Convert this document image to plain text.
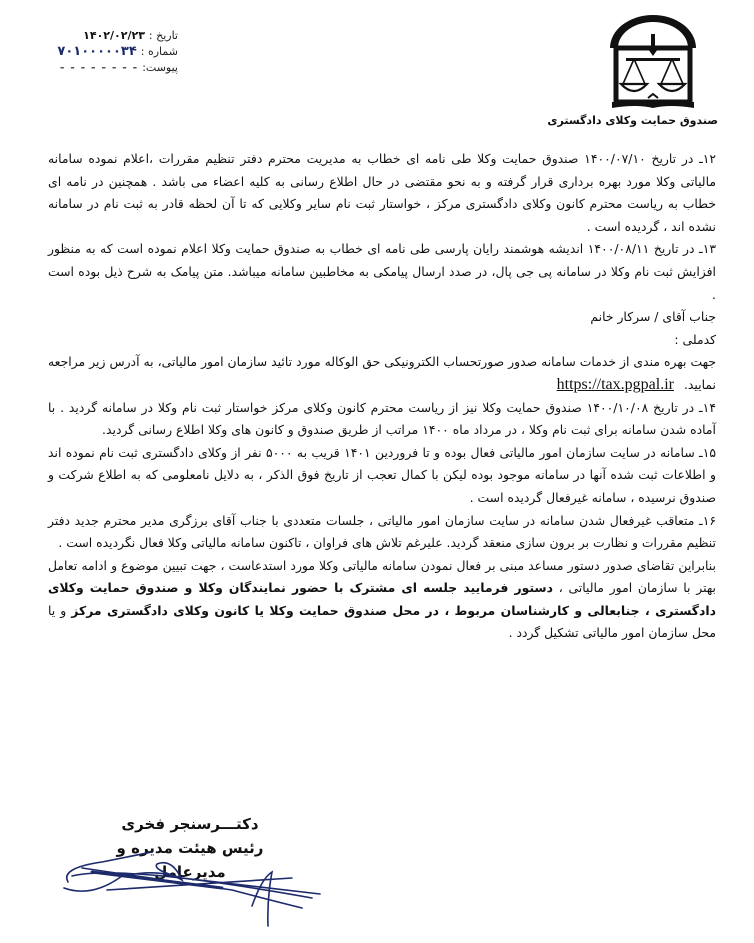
تاریخ :
۱۴۰۲/۰۲/۲۳
شماره :
۷۰۱۰۰۰۰۰۳۴
پیوست:
- - - - - - - -
صندوق حمایت وکلای دادگستری

۱۲ـ در تاریخ ۱۴۰۰/۰۷/۱۰ صندوق حمایت وکلا طی نامه ای خطاب به مدیریت محترم دفتر تنظیم مقررات ،اعلام نموده سامانه مالیاتی وکلا مورد بهره برداری قرار گرفته و به نحو مقتضی در حال اطلاع رسانی به کلیه اعضاء می باشد . همچنین در نامه ای خطاب به ریاست محترم کانون وکلای دادگستری مرکز ، خواستار ثبت نام سایر وکلایی که تا آن لحظه قادر به ثبت نام در سامانه نشده اند ، گردیده است .

۱۳ـ در تاریخ ۱۴۰۰/۰۸/۱۱ اندیشه هوشمند رایان پارسی طی نامه ای خطاب به صندوق حمایت وکلا اعلام نموده است که به منظور افزایش ثبت نام وکلا در سامانه پی جی پال، در صدد ارسال پیامکی به مخاطبین سامانه میباشد. متن پیامک به شرح ذیل بوده است .

جناب آقای / سرکار خانم
کدملی :

جهت بهره مندی از خدمات سامانه صدور صورتحساب الکترونیکی حق الوکاله مورد تائید سازمان امور مالیاتی، به آدرس زیر مراجعه نمایید.https://tax.pgpal.ir

۱۴ـ در تاریخ ۱۴۰۰/۱۰/۰۸ صندوق حمایت وکلا نیز از ریاست محترم کانون وکلای مرکز خواستار ثبت نام وکلا در سامانه گردید . با آماده شدن سامانه برای ثبت نام وکلا ، در مرداد ماه ۱۴۰۰ مراتب از طریق صندوق و کانون های وکلا اطلاع رسانی گردید.

۱۵ـ سامانه در سایت سازمان امور مالیاتی فعال بوده و تا فروردین ۱۴۰۱ قریب به ۵۰۰۰ نفر از وکلای دادگستری ثبت نام نموده اند و اطلاعات ثبت شده آنها در سامانه موجود بوده لیکن با کمال تعجب از تاریخ فوق الذکر ، به دلایل نامعلومی که به اطلاع شرکت و صندوق نرسیده ، سامانه غیرفعال گردیده است .

۱۶ـ متعاقب غیرفعال شدن سامانه در سایت سازمان امور مالیاتی ، جلسات متعددی با جناب آقای برزگری مدیر محترم جدید دفتر تنظیم مقررات و نظارت بر برون سازی منعقد گردید. علیرغم تلاش های فراوان ، تاکنون سامانه مالیاتی وکلا فعال نگردیده است .

بنابراین تقاضای صدور دستور مساعد مبنی بر فعال نمودن سامانه مالیاتی وکلا مورد استدعاست ، جهت تبیین موضوع و ادامه تعامل بهتر با سازمان امور مالیاتی ، دستور فرمایید جلسه ای مشترک با حضور نمایندگان وکلا و صندوق حمایت وکلای دادگستری ، جنابعالی و کارشناسان مربوط ، در محل صندوق حمایت وکلا یا کانون وکلای دادگستری مرکز و یا محل سازمان امور مالیاتی تشکیل گردد .

دکتـــرسنجر فخری
رئیس هیئت مدیره و مدیرعامل
